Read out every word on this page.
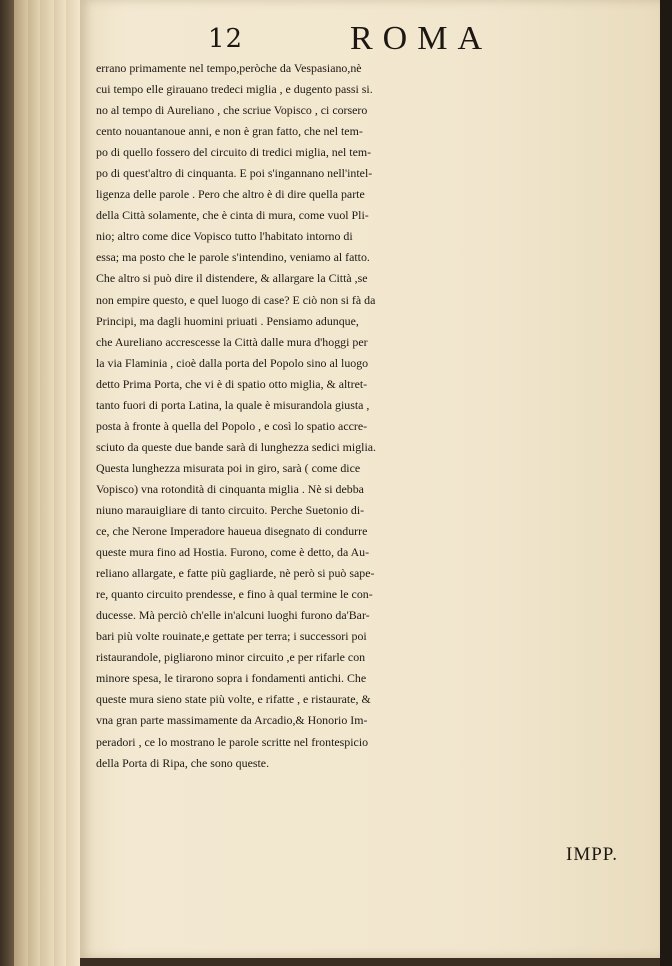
12	ROMA
errano primamente nel tempo,peròche da Vespasiano,nè
cui tempo elle girauano tredeci miglia , e dugento passi si.
no al tempo di Aureliano , che scriue Vopisco , ci corsero
cento nouantanoue anni, e non è gran fatto, che nel tem-
po di quello fossero del circuito di tredici miglia, nel tem-
po di quest'altro di cinquanta. E poi s'ingannano nell'intel-
ligenza delle parole . Pero che altro è di dire quella parte
della Città solamente, che è cinta di mura, come vuol Pli-
nio; altro come dice Vopisco tutto l'habitato intorno di
essa; ma posto che le parole s'intendino, veniamo al fatto.
Che altro si può dire il distendere, & allargare la Città ,se
non empire questo, e quel luogo di case? E ciò non si fà da
Principi, ma dagli huomini priuati . Pensiamo adunque,
che Aureliano accrescesse la Città dalle mura d'hoggi per
la via Flaminia , cioè dalla porta del Popolo sino al luogo
detto Prima Porta, che vi è di spatio otto miglia, & altret-
tanto fuori di porta Latina, la quale è misurandola giusta ,
posta à fronte à quella del Popolo , e così lo spatio accre-
sciuto da queste due bande sarà di lunghezza sedici miglia.
Questa lunghezza misurata poi in giro, sarà ( come dice
Vopisco) vna rotondità di cinquanta miglia . Nè si debba
niuno marauigliare di tanto circuito. Perche Suetonio di-
ce, che Nerone Imperadore haueua disegnato di condurre
queste mura fino ad Hostia. Furono, come è detto, da Au-
reliano allargate, e fatte più gagliarde, nè però si può sape-
re, quanto circuito prendesse, e fino à qual termine le con-
ducesse. Mà perciò ch'elle in'alcuni luoghi furono da'Bar-
bari più volte rouinate,e gettate per terra; i successori poi
ristaurandole, pigliarono minor circuito ,e per rifarle con
minore spesa, le tirarono sopra i fondamenti antichi. Che
queste mura sieno state più volte, e rifatte , e ristaurate, &
vna gran parte massimamente da Arcadio,& Honorio Im-
peradori , ce lo mostrano le parole scritte nel frontespicio
della Porta di Ripa, che sono queste.
IMPP.
